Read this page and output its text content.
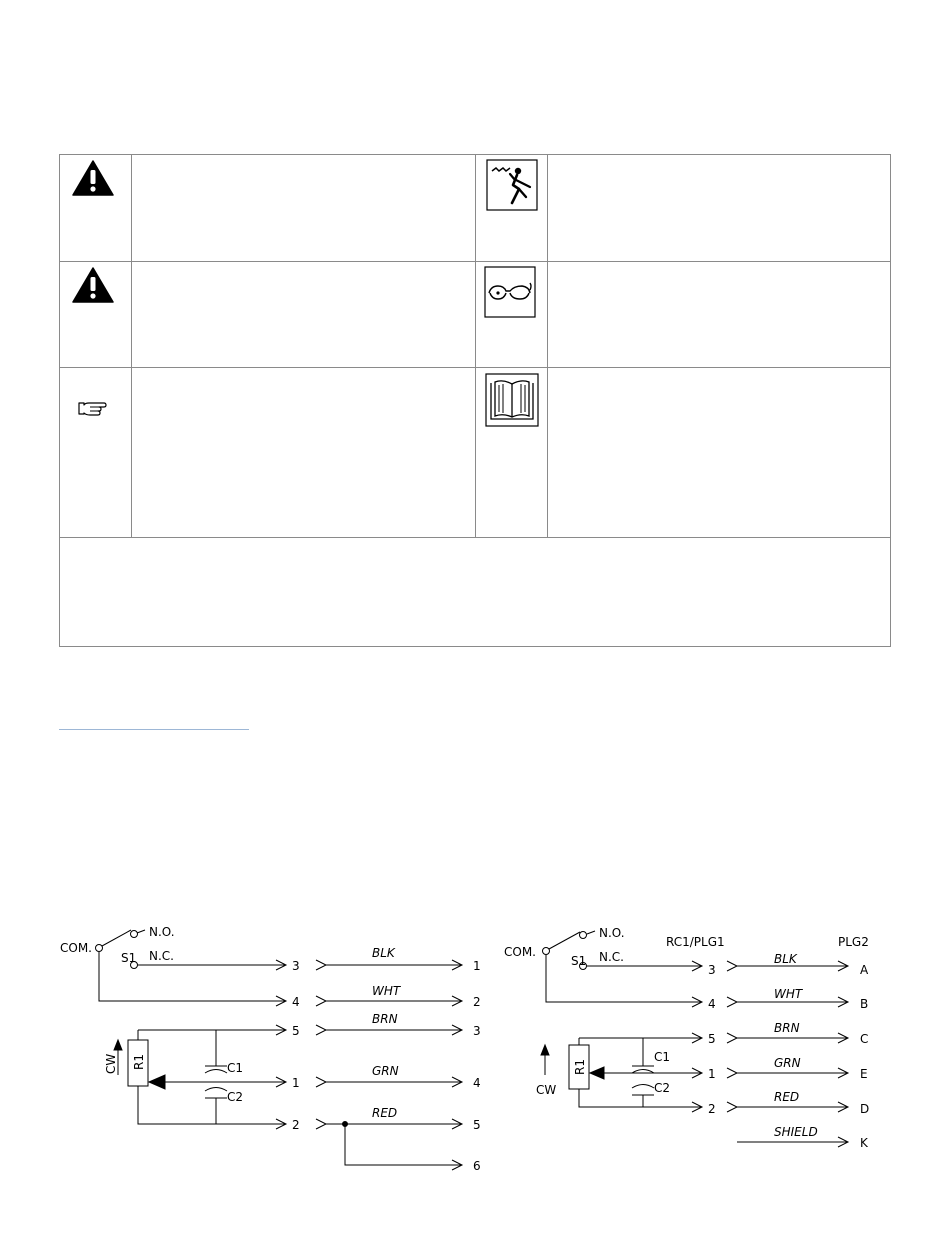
COM.
S1
N.O.
N.C.
R1
CW	C1
C2
3
4
5
1
2
BLK
WHT
BRN
GRN
RED
1
2
3
4
5
6
COM.
S1
N.O.
N.C.
RC1/PLG1	PLG2
R1
CW
C1
C2
3
4
5
1
2
BLK
WHT
BRN
GRN
RED
SHIELD
A
B
C
E
D
K
